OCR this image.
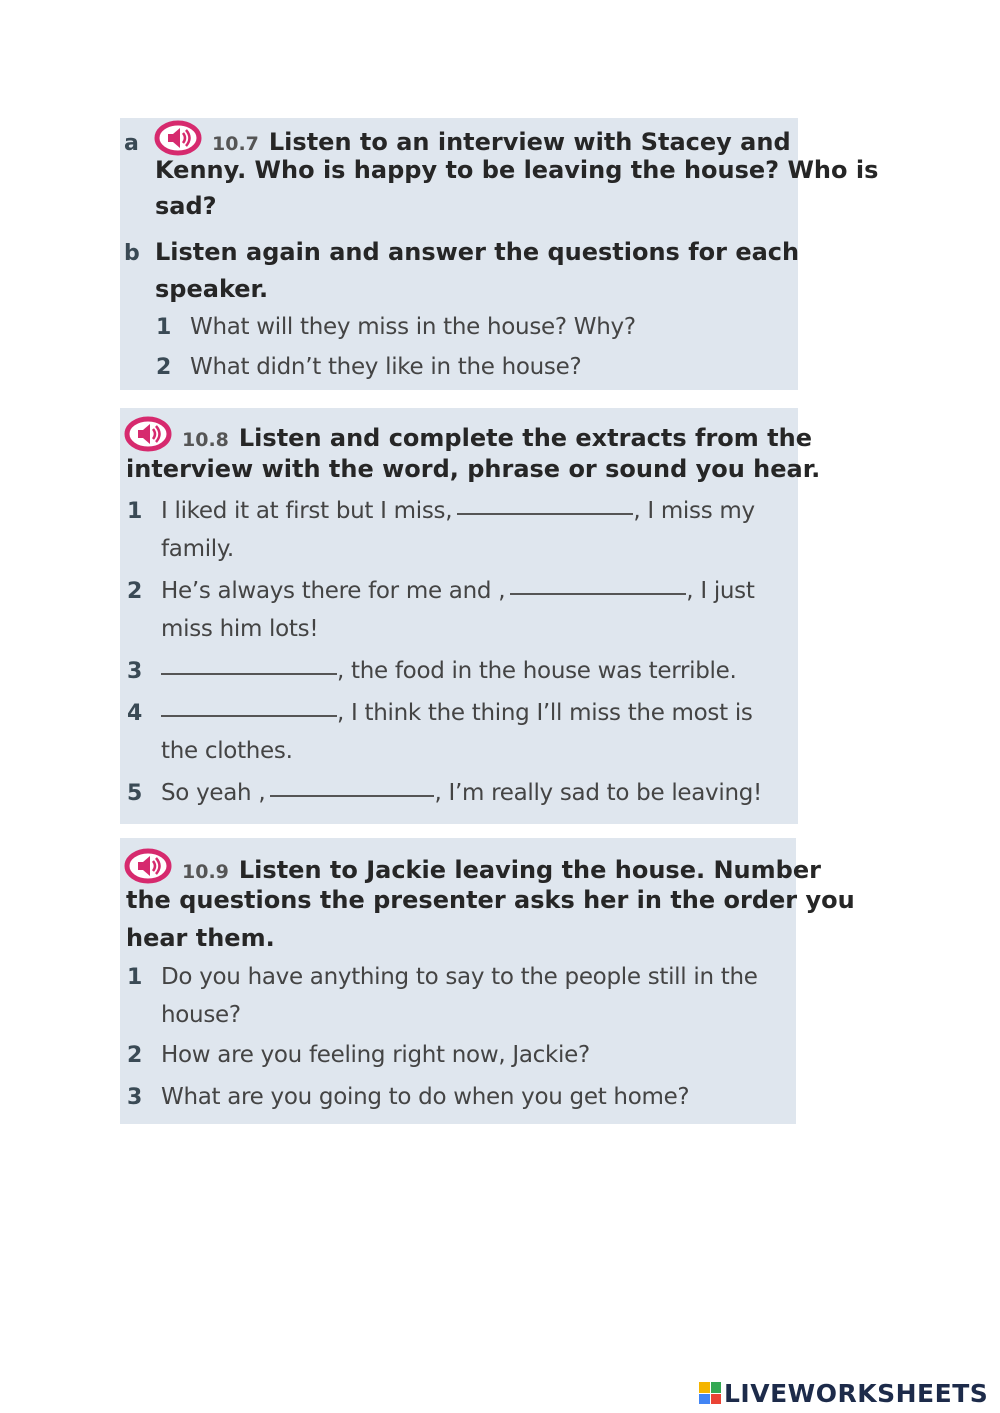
a	10.7 Listen to an interview with Stacey and
Kenny. Who is happy to be leaving the house? Who is
sad?
b Listen again and answer the questions for each
speaker.
1 What will they miss in the house? Why?
2 What didn’t they like in the house?
10.8 Listen and complete the extracts from the
interview with the word, phrase or sound you hear.
1 I liked it at first but I miss,	, I miss my
family.
2 He’s always there for me and ,	, I just
miss him lots!
3	, the food in the house was terrible.
4	, I think the thing I’ll miss the most is
the clothes.
5 So yeah ,	, I’m really sad to be leaving!
10.9 Listen to Jackie leaving the house. Number
the questions the presenter asks her in the order you
hear them.
1 Do you have anything to say to the people still in the
house?
2 How are you feeling right now, Jackie?
3 What are you going to do when you get home?
LIVEWORKSHEETS
